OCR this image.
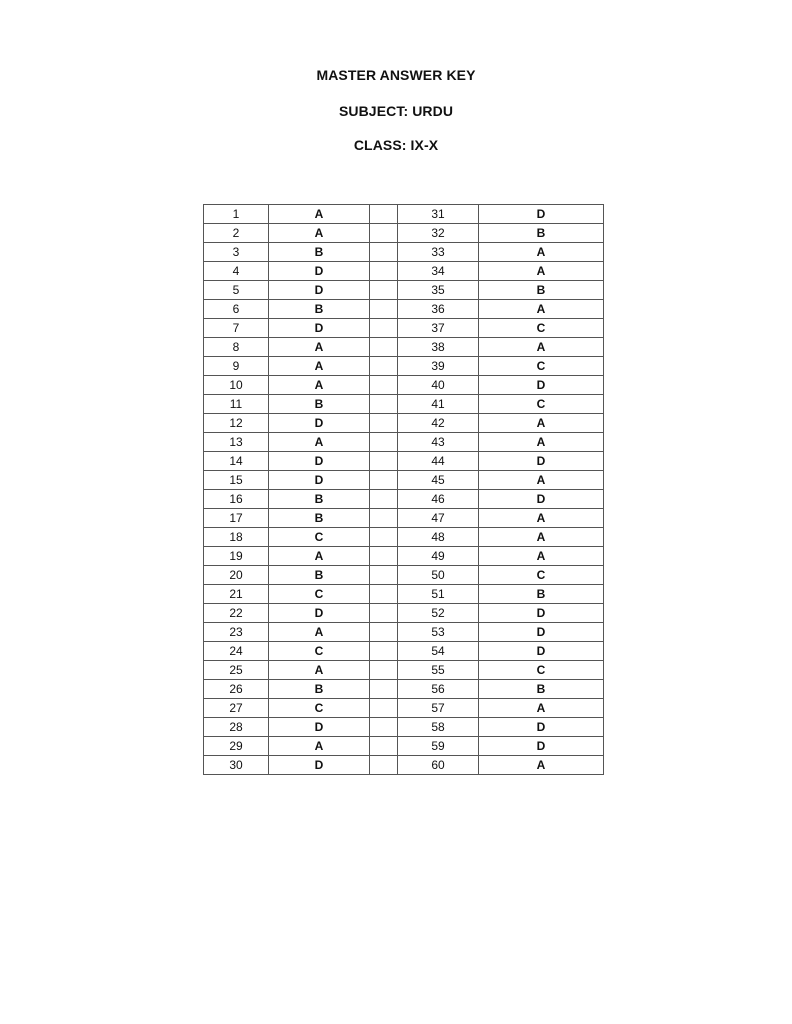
MASTER ANSWER KEY
SUBJECT: URDU
CLASS: IX-X
1	A		31	D
2	A		32	B
3	B		33	A
4	D		34	A
5	D		35	B
6	B		36	A
7	D		37	C
8	A		38	A
9	A		39	C
10	A		40	D
11	B		41	C
12	D		42	A
13	A		43	A
14	D		44	D
15	D		45	A
16	B		46	D
17	B		47	A
18	C		48	A
19	A		49	A
20	B		50	C
21	C		51	B
22	D		52	D
23	A		53	D
24	C		54	D
25	A		55	C
26	B		56	B
27	C		57	A
28	D		58	D
29	A		59	D
30	D		60	A
